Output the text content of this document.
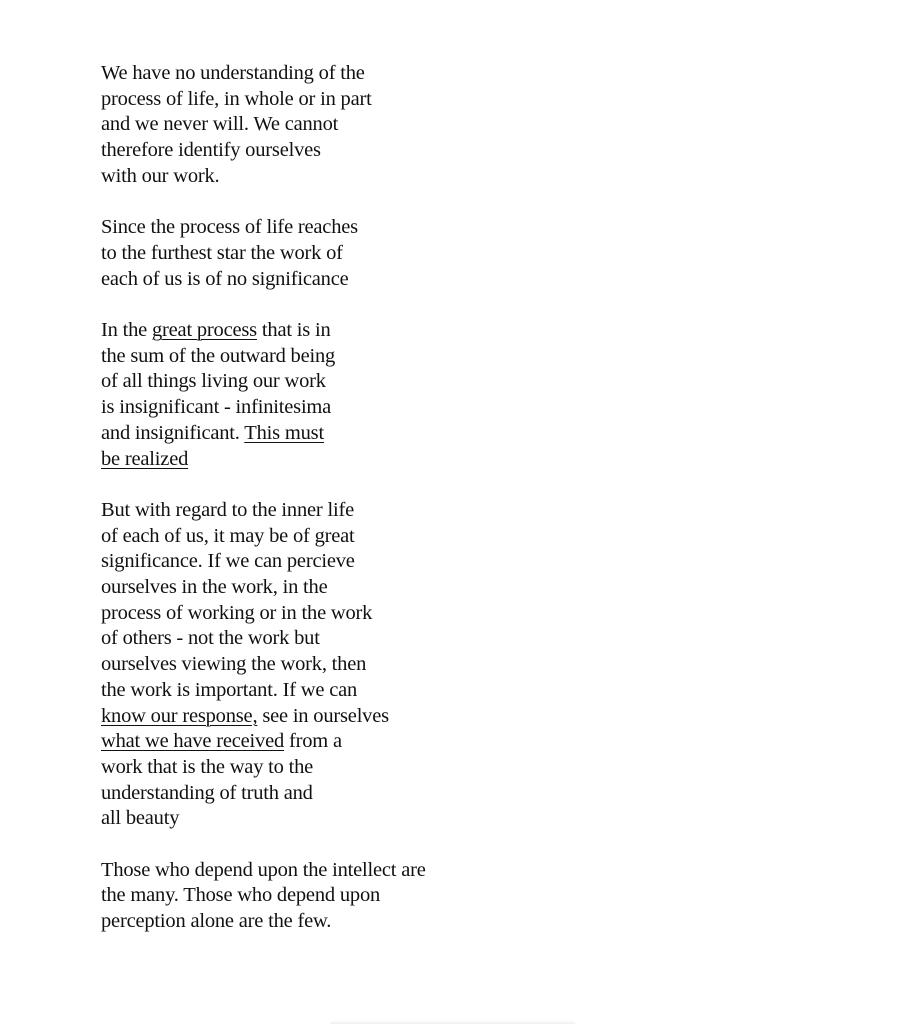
We have no understanding of the
process of life, in whole or in part
and we never will. We cannot
therefore identify ourselves
with our work.
Since the process of life reaches
to the furthest star the work of
each of us is of no significance
In the great process that is in
the sum of the outward being
of all things living our work
is insignificant - infinitesima
and insignificant. This must
be realized
But with regard to the inner life
of each of us, it may be of great
significance. If we can percieve
ourselves in the work, in the
process of working or in the work
of others - not the work but
ourselves viewing the work, then
the work is important. If we can
know our response, see in ourselves
what we have received from a
work that is the way to the
understanding of truth and
all beauty
Those who depend upon the intellect are
the many. Those who depend upon
perception alone are the few.
